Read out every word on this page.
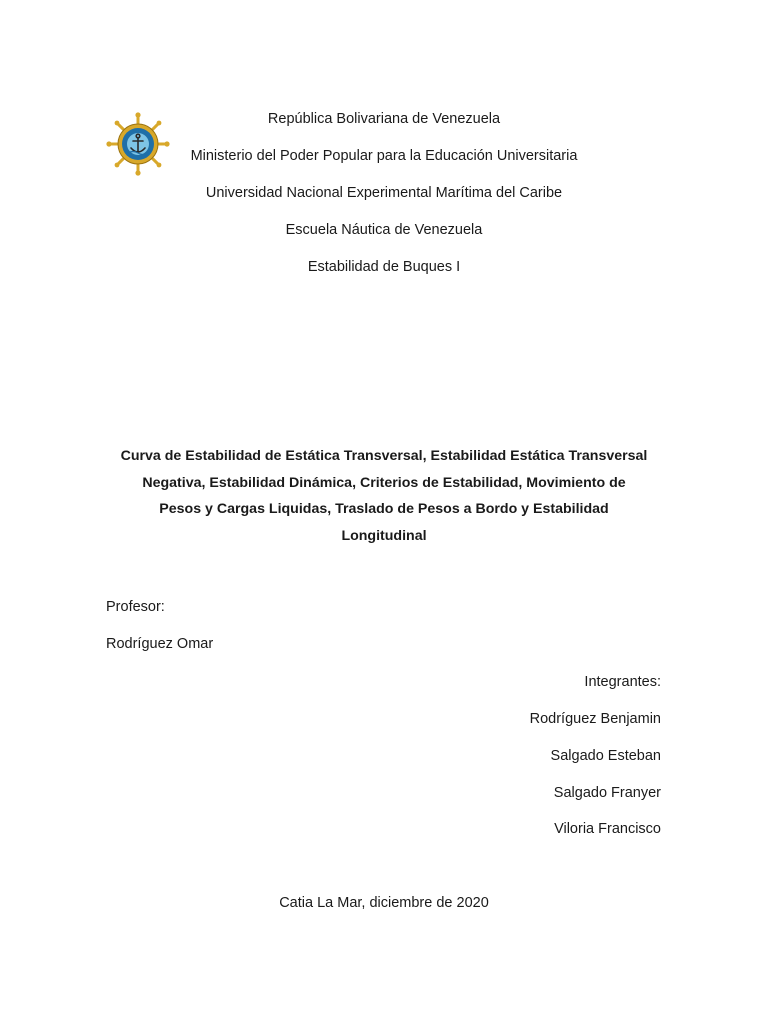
República Bolivariana de Venezuela
Ministerio del Poder Popular para la Educación Universitaria
Universidad Nacional Experimental Marítima del Caribe
Escuela Náutica de Venezuela
Estabilidad de Buques I
Curva de Estabilidad de Estática Transversal, Estabilidad Estática Transversal Negativa, Estabilidad Dinámica, Criterios de Estabilidad, Movimiento de Pesos y Cargas Liquidas, Traslado de Pesos a Bordo y Estabilidad Longitudinal
Profesor:
Rodríguez Omar
Integrantes:
Rodríguez Benjamin
Salgado Esteban
Salgado Franyer
Viloria Francisco
Catia La Mar, diciembre de 2020
